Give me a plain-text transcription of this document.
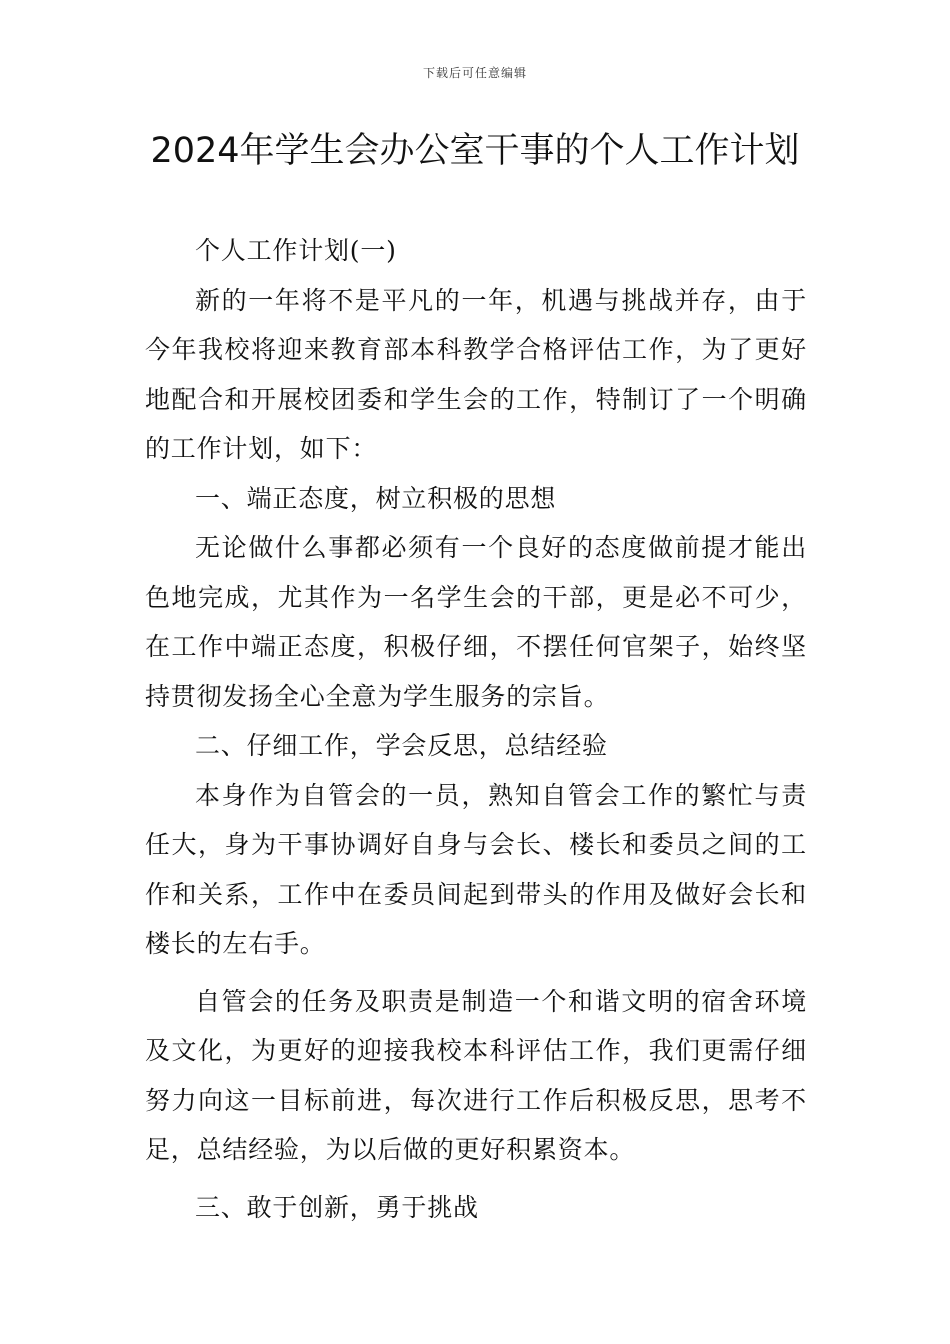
下载后可任意编辑
2024年学生会办公室干事的个人工作计划

个人工作计划(一)

新的一年将不是平凡的一年，机遇与挑战并存，由于今年我校将迎来教育部本科教学合格评估工作，为了更好地配合和开展校团委和学生会的工作，特制订了一个明确的工作计划，如下：

一、端正态度，树立积极的思想

无论做什么事都必须有一个良好的态度做前提才能出色地完成，尤其作为一名学生会的干部，更是必不可少，在工作中端正态度，积极仔细，不摆任何官架子，始终坚持贯彻发扬全心全意为学生服务的宗旨。

二、仔细工作，学会反思，总结经验

本身作为自管会的一员，熟知自管会工作的繁忙与责任大，身为干事协调好自身与会长、楼长和委员之间的工作和关系，工作中在委员间起到带头的作用及做好会长和楼长的左右手。

自管会的任务及职责是制造一个和谐文明的宿舍环境及文化，为更好的迎接我校本科评估工作，我们更需仔细努力向这一目标前进，每次进行工作后积极反思，思考不足，总结经验，为以后做的更好积累资本。

三、敢于创新，勇于挑战
